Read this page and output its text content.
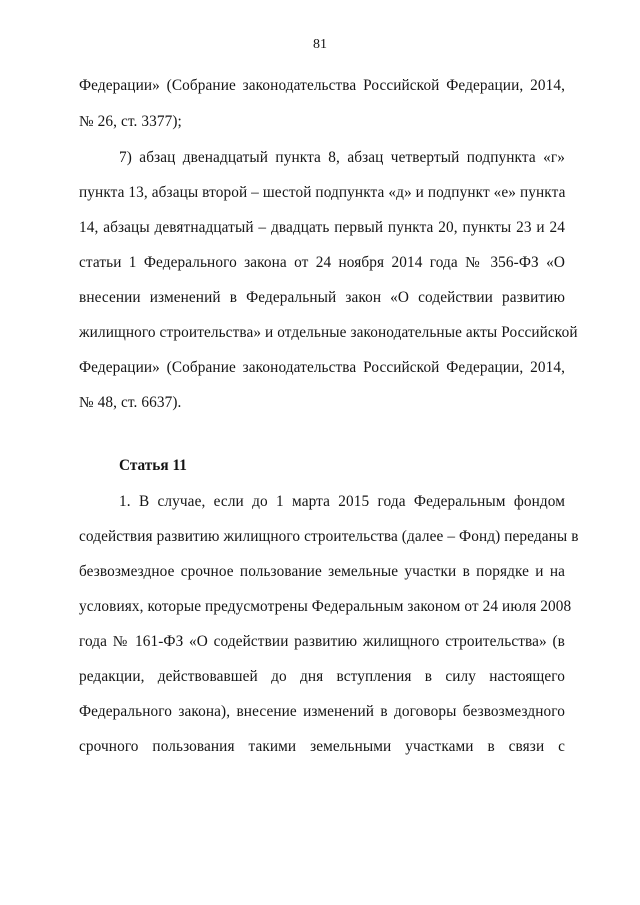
81
Федерации» (Собрание законодательства Российской Федерации, 2014,
№ 26, ст. 3377);
7) абзац двенадцатый пункта 8, абзац четвертый подпункта «г»
пункта 13, абзацы второй – шестой подпункта «д» и подпункт «е» пункта
14, абзацы девятнадцатый – двадцать первый пункта 20, пункты 23 и 24
статьи 1 Федерального закона от 24 ноября 2014 года № 356-ФЗ «О
внесении изменений в Федеральный закон «О содействии развитию
жилищного строительства» и отдельные законодательные акты Российской
Федерации» (Собрание законодательства Российской Федерации, 2014,
№ 48, ст. 6637).
Статья 11
1. В случае, если до 1 марта 2015 года Федеральным фондом
содействия развитию жилищного строительства (далее – Фонд) переданы в
безвозмездное срочное пользование земельные участки в порядке и на
условиях, которые предусмотрены Федеральным законом от 24 июля 2008
года № 161-ФЗ «О содействии развитию жилищного строительства» (в
редакции, действовавшей до дня вступления в силу настоящего
Федерального закона), внесение изменений в договоры безвозмездного
срочного пользования такими земельными участками в связи с
